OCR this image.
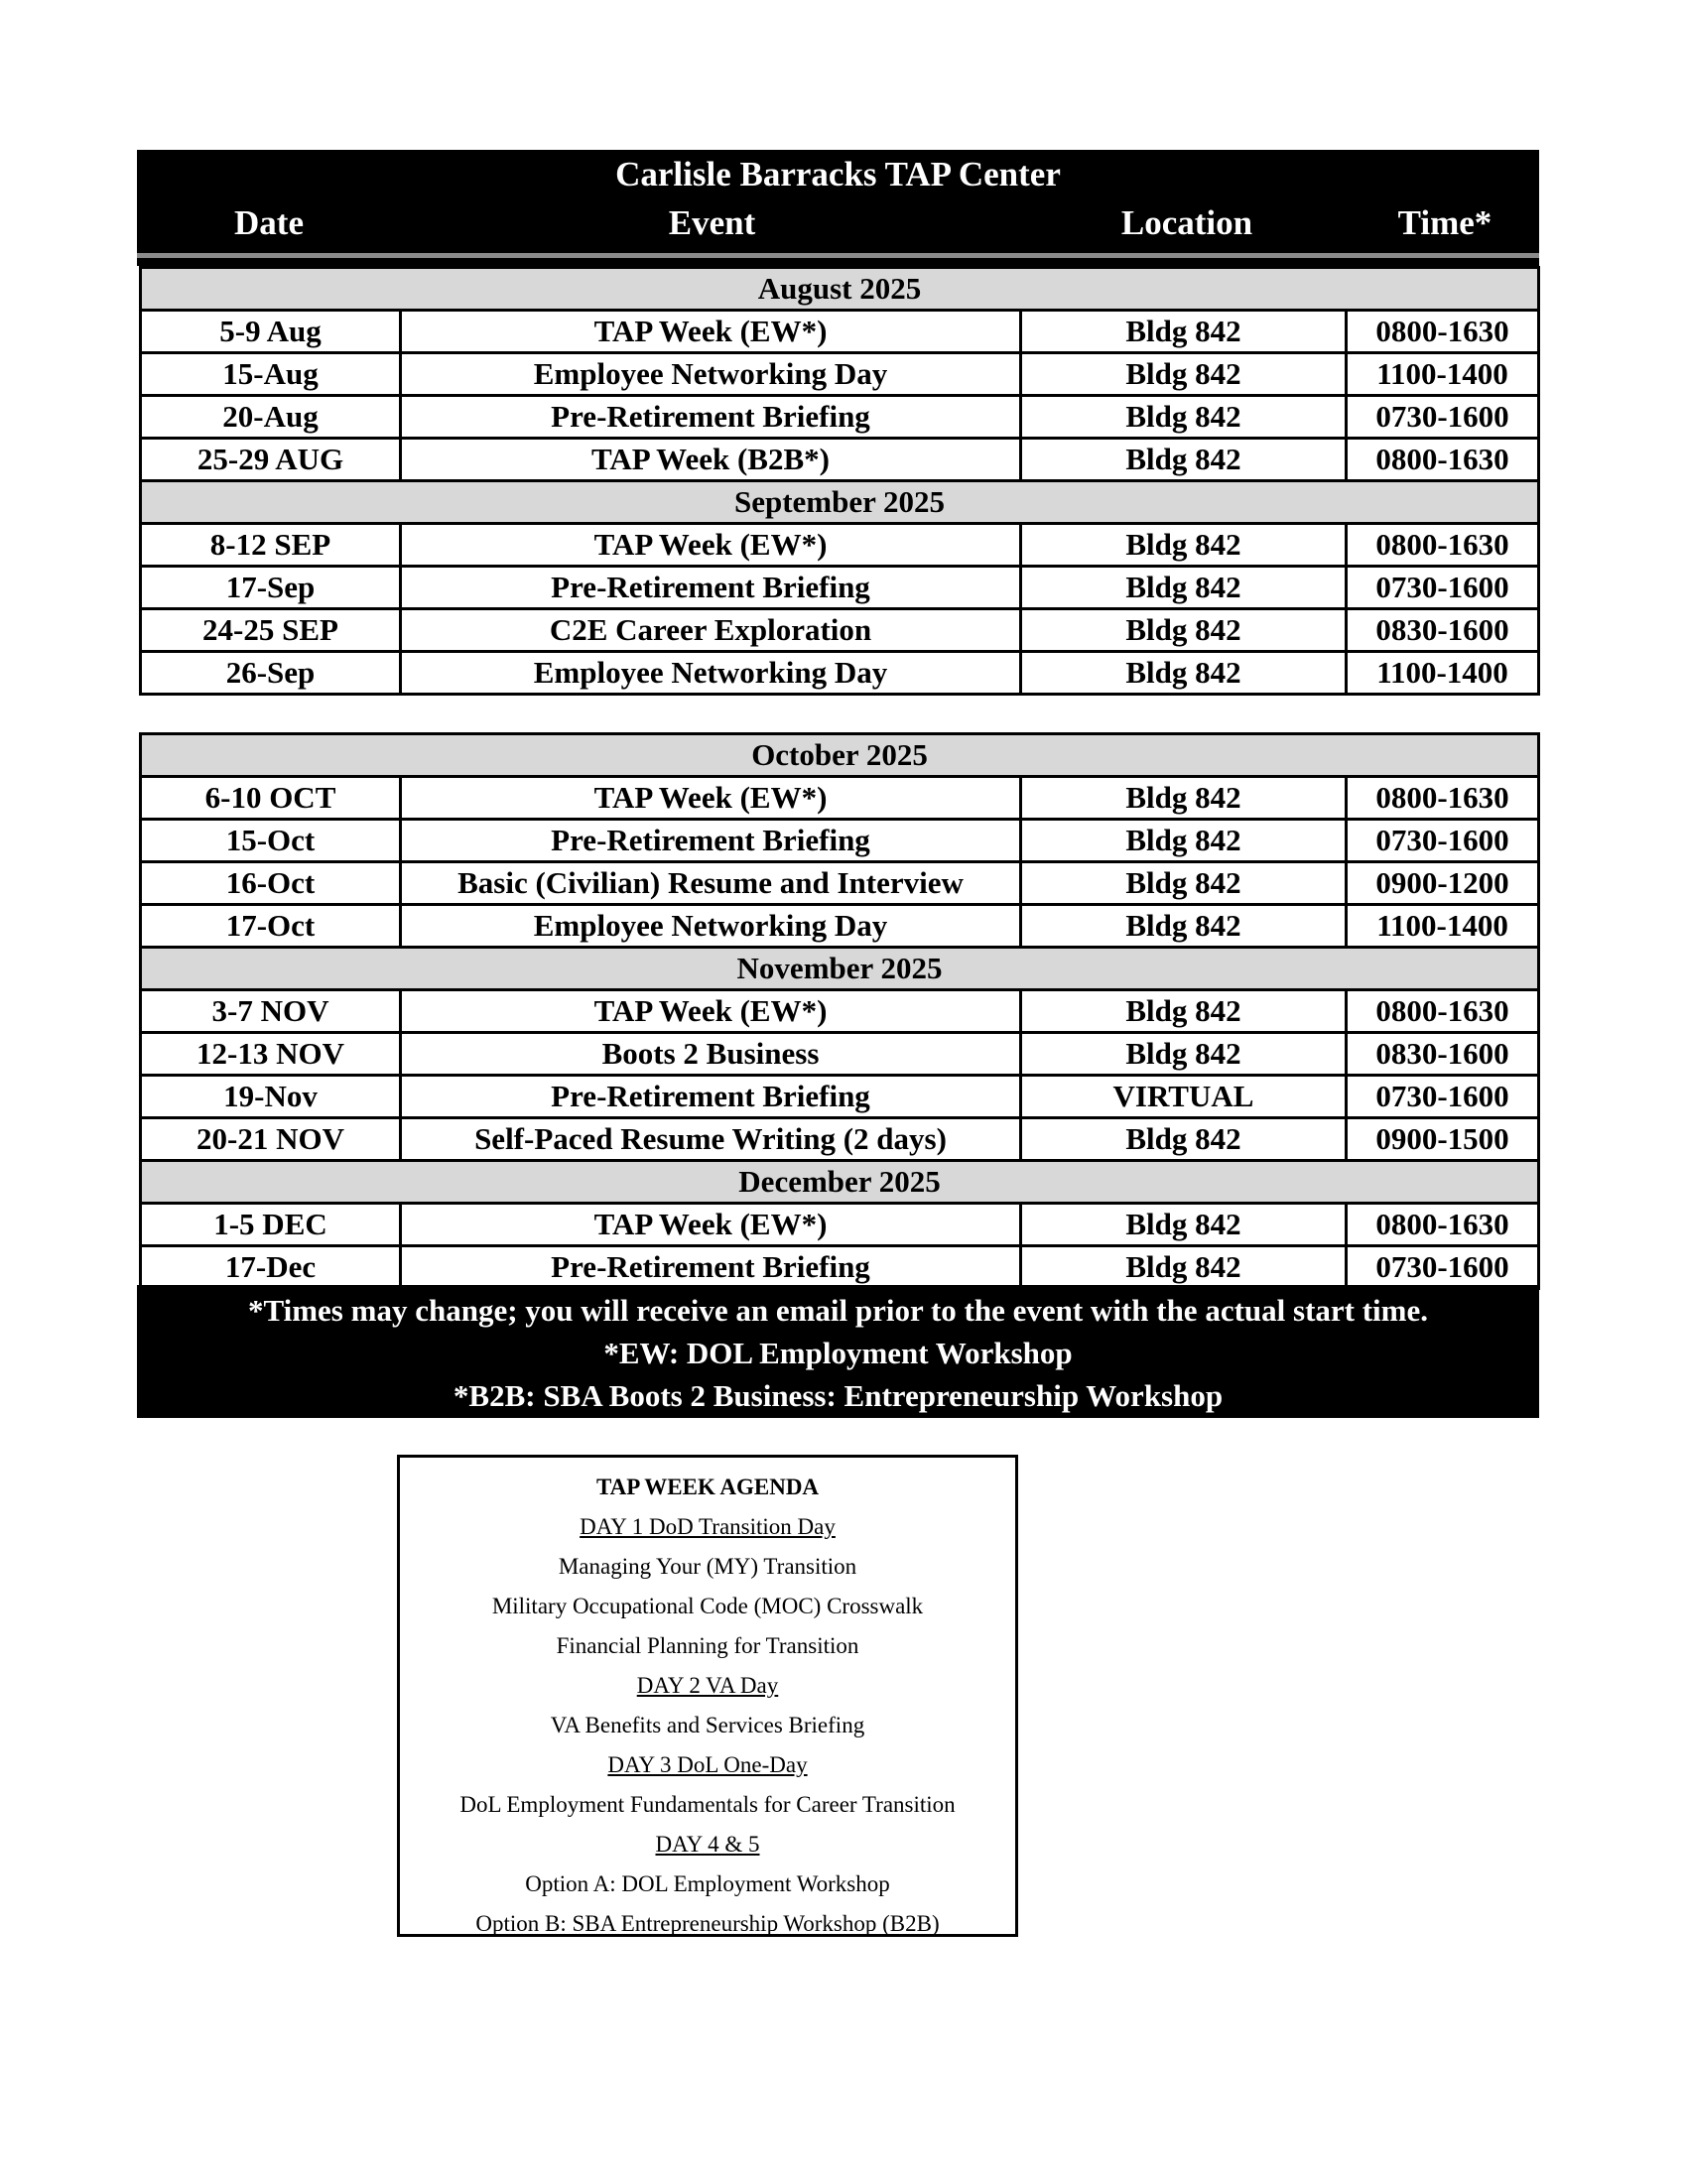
Carlisle Barracks TAP Center
Date	Event	Location	Time*
August 2025			
5-9 Aug	TAP Week (EW*)	Bldg 842	0800-1630
15-Aug	Employee Networking Day	Bldg 842	1100-1400
20-Aug	Pre-Retirement Briefing	Bldg 842	0730-1600
25-29 AUG	TAP Week (B2B*)	Bldg 842	0800-1630
September 2025			
8-12 SEP	TAP Week (EW*)	Bldg 842	0800-1630
17-Sep	Pre-Retirement Briefing	Bldg 842	0730-1600
24-25 SEP	C2E Career Exploration	Bldg 842	0830-1600
26-Sep	Employee Networking Day	Bldg 842	1100-1400
October 2025			
6-10 OCT	TAP Week (EW*)	Bldg 842	0800-1630
15-Oct	Pre-Retirement Briefing	Bldg 842	0730-1600
16-Oct	Basic (Civilian) Resume and Interview	Bldg 842	0900-1200
17-Oct	Employee Networking Day	Bldg 842	1100-1400
November 2025			
3-7 NOV	TAP Week (EW*)	Bldg 842	0800-1630
12-13 NOV	Boots 2 Business	Bldg 842	0830-1600
19-Nov	Pre-Retirement Briefing	VIRTUAL	0730-1600
20-21 NOV	Self-Paced Resume Writing (2 days)	Bldg 842	0900-1500
December 2025			
1-5 DEC	TAP Week (EW*)	Bldg 842	0800-1630
17-Dec	Pre-Retirement Briefing	Bldg 842	0730-1600
*Times may change; you will receive an email prior to the event with the actual start time.
*EW: DOL Employment Workshop
*B2B: SBA Boots 2 Business: Entrepreneurship Workshop
TAP WEEK AGENDA
DAY 1 DoD Transition Day
Managing Your (MY) Transition
Military Occupational Code (MOC) Crosswalk
Financial Planning for Transition
DAY 2 VA Day
VA Benefits and Services Briefing
DAY 3 DoL One-Day
DoL Employment Fundamentals for Career Transition
DAY 4 & 5
Option A: DOL Employment Workshop
Option B: SBA Entrepreneurship Workshop (B2B)
